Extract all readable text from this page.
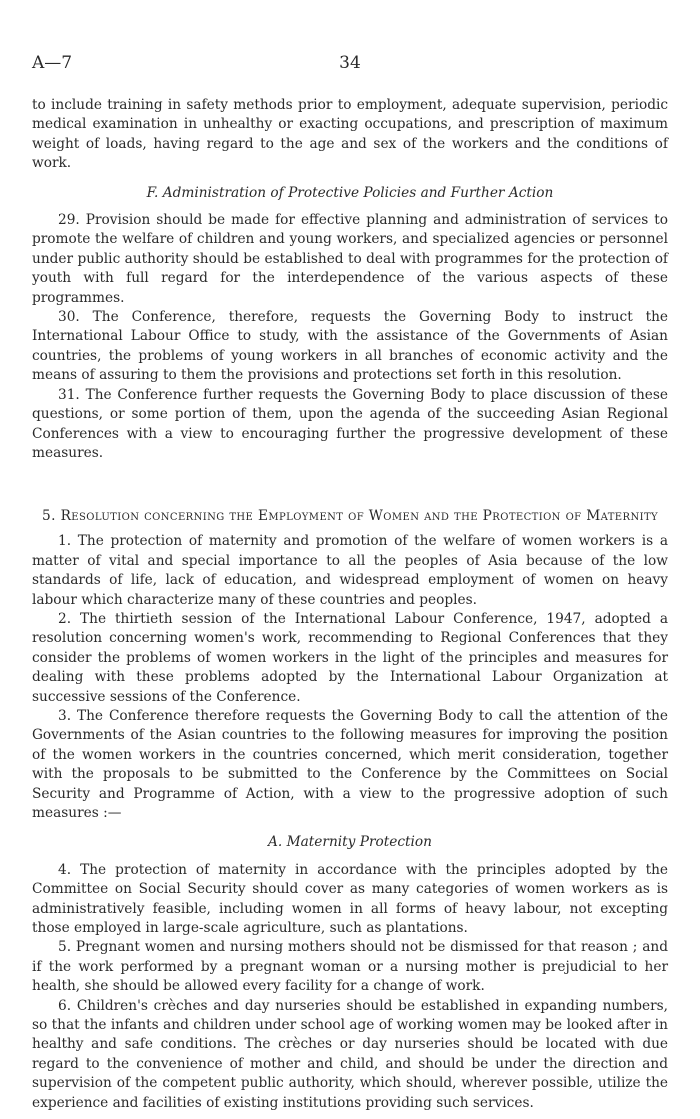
A—7	34

to include training in safety methods prior to employment, adequate supervision, periodic medical examination in unhealthy or exacting occupations, and prescription of maximum weight of loads, having regard to the age and sex of the workers and the conditions of work.

F. Administration of Protective Policies and Further Action

29. Provision should be made for effective planning and administration of services to promote the welfare of children and young workers, and specialized agencies or personnel under public authority should be established to deal with programmes for the protection of youth with full regard for the interdependence of the various aspects of these programmes.

30. The Conference, therefore, requests the Governing Body to instruct the International Labour Office to study, with the assistance of the Governments of Asian countries, the problems of young workers in all branches of economic activity and the means of assuring to them the provisions and protections set forth in this resolution.

31. The Conference further requests the Governing Body to place discussion of these questions, or some portion of them, upon the agenda of the succeeding Asian Regional Conferences with a view to encouraging further the progressive development of these measures.

5. Resolution concerning the Employment of Women and the Protection of Maternity

1. The protection of maternity and promotion of the welfare of women workers is a matter of vital and special importance to all the peoples of Asia because of the low standards of life, lack of education, and widespread employment of women on heavy labour which characterize many of these countries and peoples.

2. The thirtieth session of the International Labour Conference, 1947, adopted a resolution concerning women's work, recommending to Regional Conferences that they consider the problems of women workers in the light of the principles and measures for dealing with these problems adopted by the International Labour Organization at successive sessions of the Conference.

3. The Conference therefore requests the Governing Body to call the attention of the Governments of the Asian countries to the following measures for improving the position of the women workers in the countries concerned, which merit consideration, together with the proposals to be submitted to the Conference by the Committees on Social Security and Programme of Action, with a view to the progressive adoption of such measures :—

A. Maternity Protection

4. The protection of maternity in accordance with the principles adopted by the Committee on Social Security should cover as many categories of women workers as is administratively feasible, including women in all forms of heavy labour, not excepting those employed in large-scale agriculture, such as plantations.

5. Pregnant women and nursing mothers should not be dismissed for that reason ; and if the work performed by a pregnant woman or a nursing mother is prejudicial to her health, she should be allowed every facility for a change of work.

6. Children's crèches and day nurseries should be established in expanding numbers, so that the infants and children under school age of working women may be looked after in healthy and safe conditions. The crèches or day nurseries should be located with due regard to the convenience of mother and child, and should be under the direction and supervision of the competent public authority, which should, wherever possible, utilize the experience and facilities of existing institutions providing such services.
